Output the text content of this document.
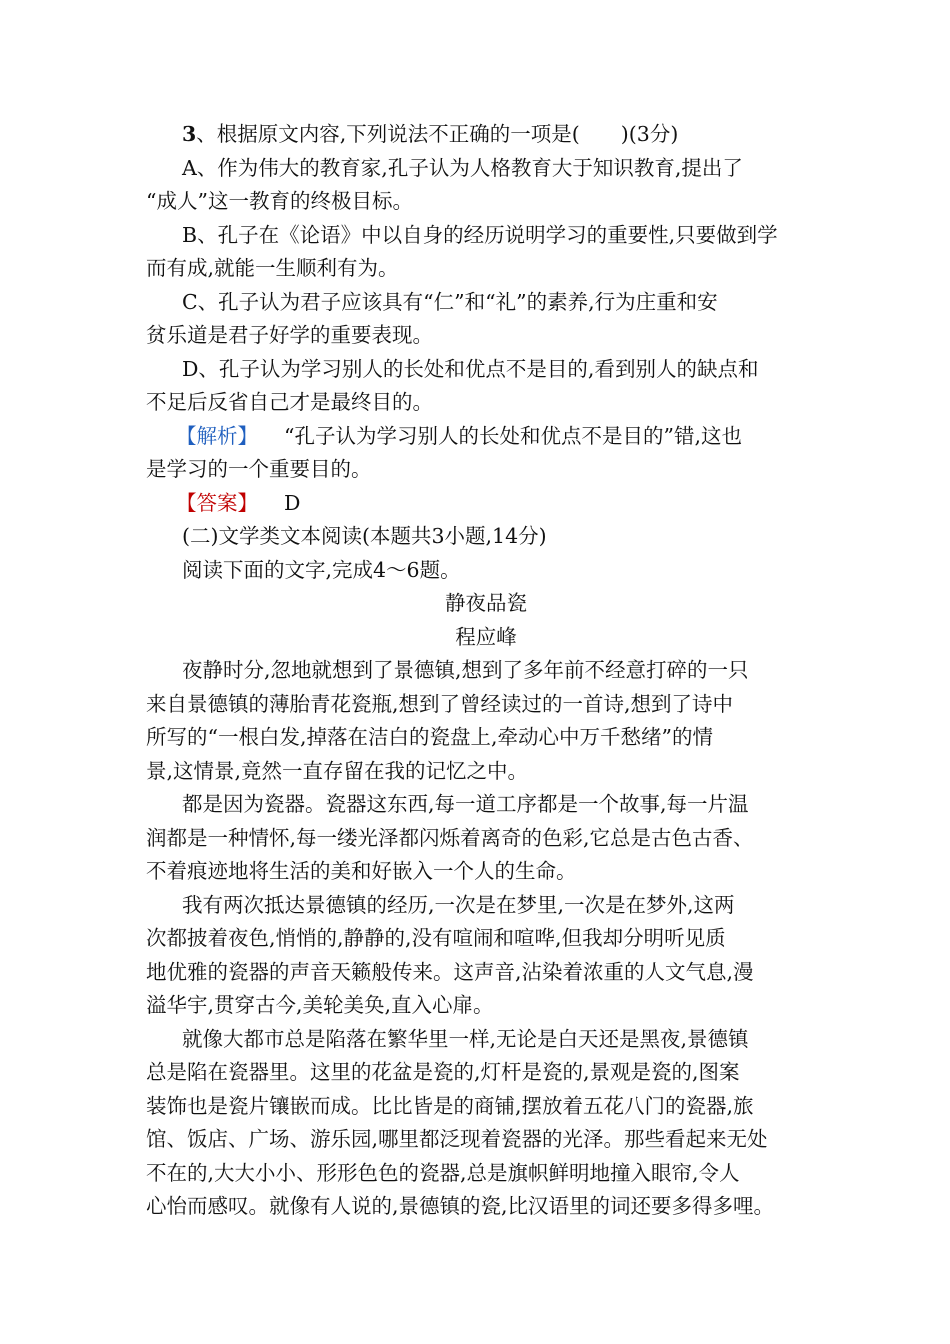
3、根据原文内容,下列说法不正确的一项是(　　)(3分)
A、作为伟大的教育家,孔子认为人格教育大于知识教育,提出了
“成人”这一教育的终极目标。
B、孔子在《论语》中以自身的经历说明学习的重要性,只要做到学
而有成,就能一生顺利有为。
C、孔子认为君子应该具有“仁”和“礼”的素养,行为庄重和安
贫乐道是君子好学的重要表现。
D、孔子认为学习别人的长处和优点不是目的,看到别人的缺点和
不足后反省自己才是最终目的。
【解析】 “孔子认为学习别人的长处和优点不是目的”错,这也
是学习的一个重要目的。
【答案】 D
(二)文学类文本阅读(本题共3小题,14分)
阅读下面的文字,完成4～6题。
静夜品瓷
程应峰
夜静时分,忽地就想到了景德镇,想到了多年前不经意打碎的一只
来自景德镇的薄胎青花瓷瓶,想到了曾经读过的一首诗,想到了诗中
所写的“一根白发,掉落在洁白的瓷盘上,牵动心中万千愁绪”的情
景,这情景,竟然一直存留在我的记忆之中。
都是因为瓷器。瓷器这东西,每一道工序都是一个故事,每一片温
润都是一种情怀,每一缕光泽都闪烁着离奇的色彩,它总是古色古香、
不着痕迹地将生活的美和好嵌入一个人的生命。
我有两次抵达景德镇的经历,一次是在梦里,一次是在梦外,这两
次都披着夜色,悄悄的,静静的,没有喧闹和喧哗,但我却分明听见质
地优雅的瓷器的声音天籁般传来。这声音,沾染着浓重的人文气息,漫
溢华宇,贯穿古今,美轮美奂,直入心扉。
就像大都市总是陷落在繁华里一样,无论是白天还是黑夜,景德镇
总是陷在瓷器里。这里的花盆是瓷的,灯杆是瓷的,景观是瓷的,图案
装饰也是瓷片镶嵌而成。比比皆是的商铺,摆放着五花八门的瓷器,旅
馆、饭店、广场、游乐园,哪里都泛现着瓷器的光泽。那些看起来无处
不在的,大大小小、形形色色的瓷器,总是旗帜鲜明地撞入眼帘,令人
心怡而感叹。就像有人说的,景德镇的瓷,比汉语里的词还要多得多哩。
